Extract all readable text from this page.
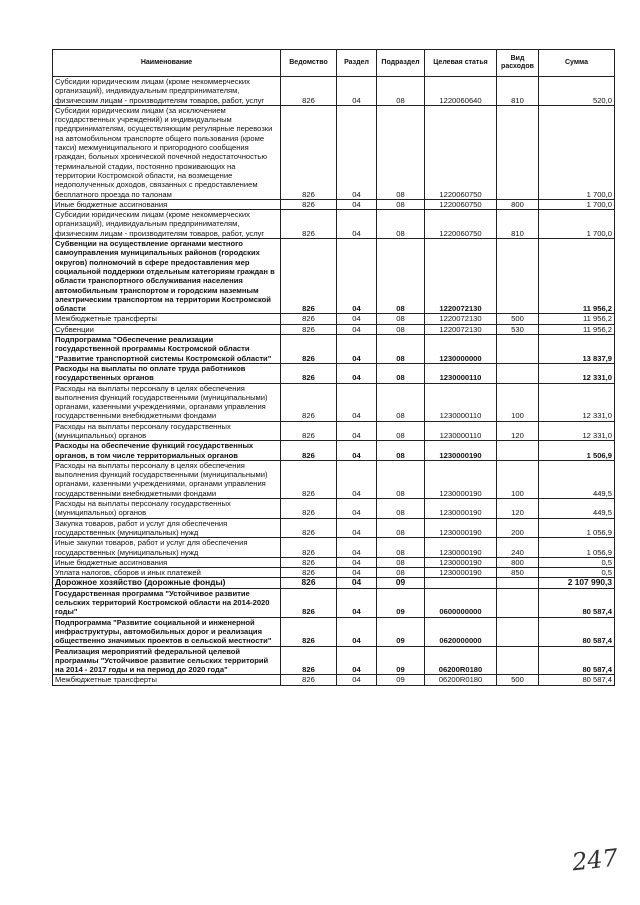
Наименование	Ведомство	Раздел	Подраздел	Целевая статья	Вид расходов	Сумма
Субсидии юридическим лицам (кроме некоммерческих организаций), индивидуальным предпринимателям, физическим лицам - производителям товаров, работ, услуг	826	04	08	1220060640	810	520,0
Субсидии юридическим лицам (за исключением государственных учреждений) и индивидуальным предпринимателям, осуществляющим регулярные перевозки на автомобильном транспорте общего пользования (кроме такси) межмуниципального и пригородного сообщения граждан, больных хронической почечной недостаточностью терминальной стадии, постоянно проживающих на территории Костромской области, на возмещение недополученных доходов, связанных с предоставлением бесплатного проезда по талонам	826	04	08	1220060750		1 700,0
Иные бюджетные ассигнования	826	04	08	1220060750	800	1 700,0
Субсидии юридическим лицам (кроме некоммерческих организаций), индивидуальным предпринимателям, физическим лицам - производителям товаров, работ, услуг	826	04	08	1220060750	810	1 700,0
Субвенции на осуществление органами местного самоуправления муниципальных районов (городских округов) полномочий в сфере предоставления мер социальной поддержки отдельным категориям граждан в области транспортного обслуживания населения автомобильным транспортом и городским наземным электрическим транспортом на территории Костромской области	826	04	08	1220072130		11 956,2
Межбюджетные трансферты	826	04	08	1220072130	500	11 956,2
Субвенции	826	04	08	1220072130	530	11 956,2
Подпрограмма "Обеспечение реализации государственной программы Костромской области "Развитие транспортной системы Костромской области"	826	04	08	1230000000		13 837,9
Расходы на выплаты по оплате труда работников государственных органов	826	04	08	1230000110		12 331,0
Расходы на выплаты персоналу в целях обеспечения выполнения функций государственными (муниципальными) органами, казенными учреждениями, органами управления государственными внебюджетными фондами	826	04	08	1230000110	100	12 331,0
Расходы на выплаты персоналу государственных (муниципальных) органов	826	04	08	1230000110	120	12 331,0
Расходы на обеспечение функций государственных органов, в том числе территориальных органов	826	04	08	1230000190		1 506,9
Расходы на выплаты персоналу в целях обеспечения выполнения функций государственными (муниципальными) органами, казенными учреждениями, органами управления государственными внебюджетными фондами	826	04	08	1230000190	100	449,5
Расходы на выплаты персоналу государственных (муниципальных) органов	826	04	08	1230000190	120	449,5
Закупка товаров, работ и услуг для обеспечения государственных (муниципальных) нужд	826	04	08	1230000190	200	1 056,9
Иные закупки товаров, работ и услуг для обеспечения государственных (муниципальных) нужд	826	04	08	1230000190	240	1 056,9
Иные бюджетные ассигнования	826	04	08	1230000190	800	0,5
Уплата налогов, сборов и иных платежей	826	04	08	1230000190	850	0,5
Дорожное хозяйство (дорожные фонды)	826	04	09			2 107 990,3
Государственная программа "Устойчивое развитие сельских территорий Костромской области на 2014-2020 годы"	826	04	09	0600000000		80 587,4
Подпрограмма "Развитие социальной и инженерной инфраструктуры, автомобильных дорог и реализация общественно значимых проектов в сельской местности"	826	04	09	0620000000		80 587,4
Реализация мероприятий федеральной целевой программы "Устойчивое развитие сельских территорий на 2014 - 2017 годы и на период до 2020 года"	826	04	09	06200R0180		80 587,4
Межбюджетные трансферты	826	04	09	06200R0180	500	80 587,4
247
